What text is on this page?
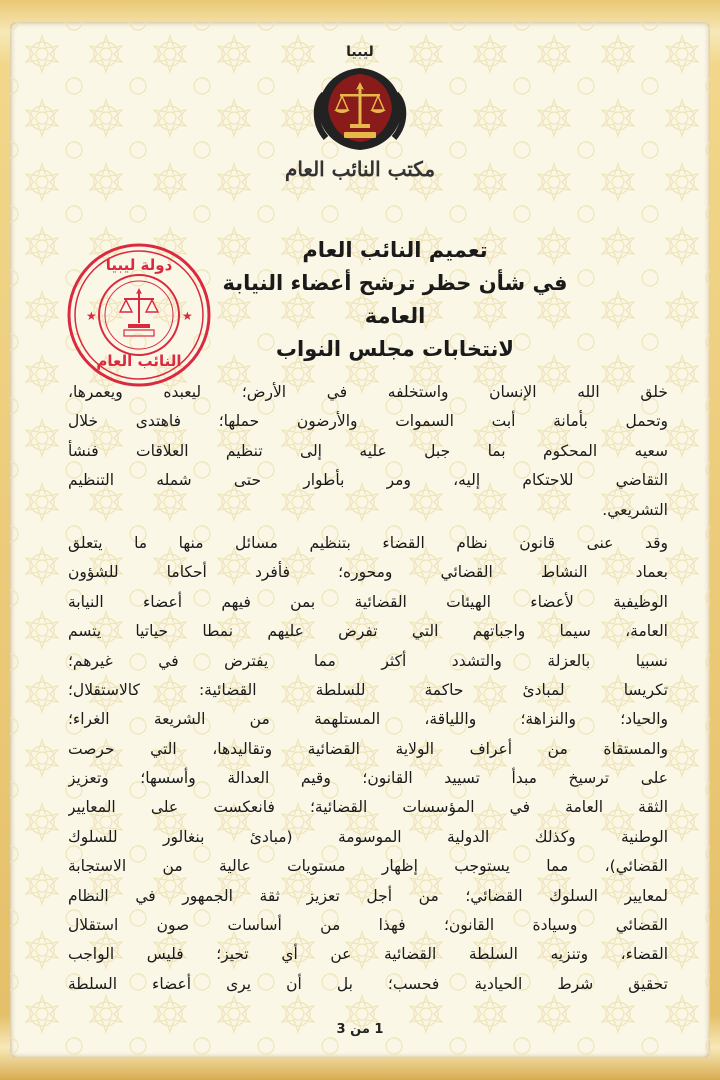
ليبيا
مكتب النائب العام
تعميم النائب العام
في شأن حظر ترشح أعضاء النيابة العامة
لانتخابات مجلس النواب
★	★
دولة ليبيا
النائب العام
خلق الله الإنسان واستخلفه في الأرض؛ ليعبده ويعمرها،
وتحمل بأمانة أبت السموات والأرضون حملها؛ فاهتدى خلال
سعيه المحكوم بما جبل عليه إلى تنظيم العلاقات فنشأ
التقاضي للاحتكام إليه، ومر بأطوار حتى شمله التنظيم
التشريعي.
وقد عنى قانون نظام القضاء بتنظيم مسائل منها ما يتعلق
بعماد النشاط القضائي ومحوره؛ فأفرد أحكاما للشؤون
الوظيفية لأعضاء الهيئات القضائية بمن فيهم أعضاء النيابة
العامة، سيما واجباتهم التي تفرض عليهم نمطا حياتيا يتسم
نسبيا بالعزلة والتشدد أكثر مما يفترض في غيرهم؛
تكريسا لمبادئ حاكمة للسلطة القضائية: كالاستقلال؛
والحياد؛ والنزاهة؛ واللياقة، المستلهمة من الشريعة الغراء؛
والمستقاة من أعراف الولاية القضائية وتقاليدها، التي حرصت
على ترسيخ مبدأ تسييد القانون؛ وقيم العدالة وأسسها؛ وتعزيز
الثقة العامة في المؤسسات القضائية؛ فانعكست على المعايير
الوطنية وكذلك الدولية الموسومة (مبادئ بنغالور للسلوك
القضائي)، مما يستوجب إظهار مستويات عالية من الاستجابة
لمعايير السلوك القضائي؛ من أجل تعزيز ثقة الجمهور في النظام
القضائي وسيادة القانون؛ فهذا من أساسات صون استقلال
القضاء، وتنزيه السلطة القضائية عن أي تحيز؛ فليس الواجب
تحقيق شرط الحيادية فحسب؛ بل أن يرى أعضاء السلطة
1 من 3
